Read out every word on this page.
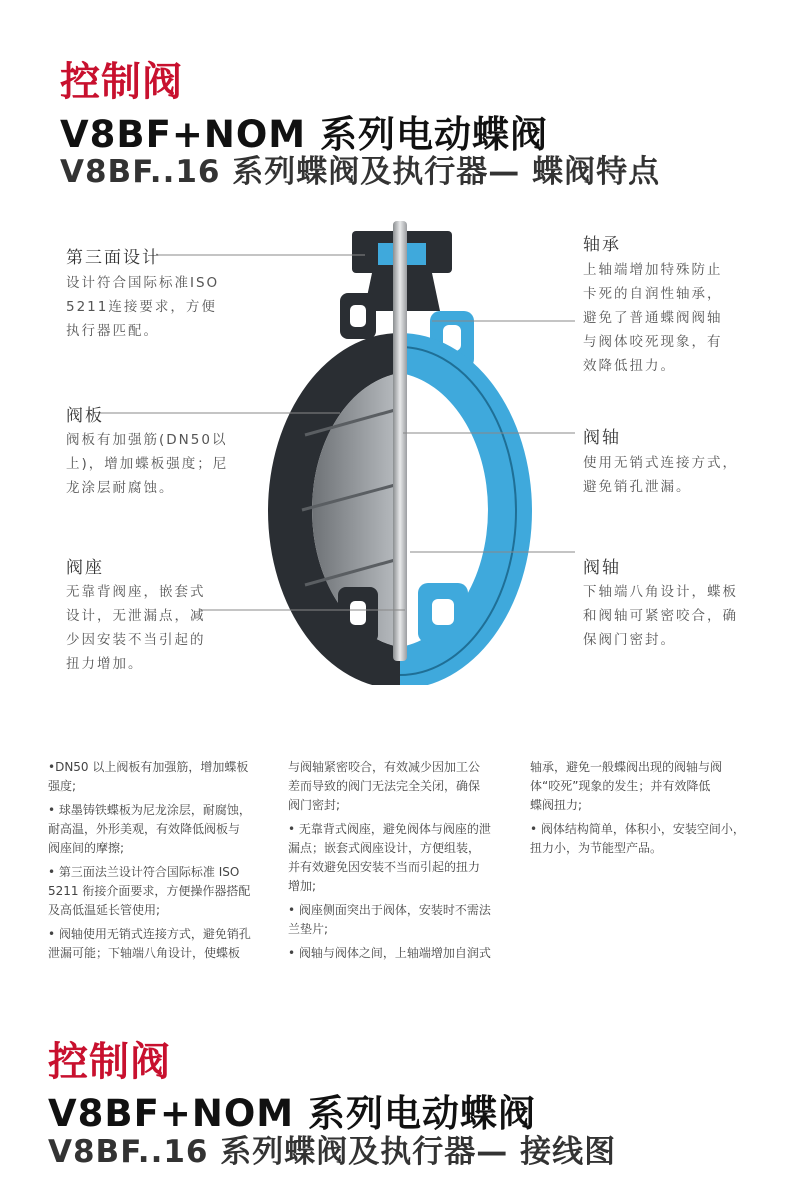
控制阀
V8BF+NOM 系列电动蝶阀
V8BF..16 系列蝶阀及执行器— 蝶阀特点
第三面设计

设计符合国际标准ISO

5211连接要求，方便

执行器匹配。

阀板

阀板有加强筋(DN50以

上)，增加蝶板强度；尼

龙涂层耐腐蚀。

阀座

无靠背阀座，嵌套式

设计，无泄漏点，减

少因安装不当引起的

扭力增加。

轴承

上轴端增加特殊防止

卡死的自润性轴承，

避免了普通蝶阀阀轴

与阀体咬死现象，有

效降低扭力。

阀轴

使用无销式连接方式，

避免销孔泄漏。

阀轴

下轴端八角设计，蝶板

和阀轴可紧密咬合，确

保阀门密封。

•DN50 以上阀板有加强筋，增加蝶板

强度;

• 球墨铸铁蝶板为尼龙涂层，耐腐蚀，

耐高温，外形美观，有效降低阀板与

阀座间的摩擦;

• 第三面法兰设计符合国际标准 ISO

5211 衔接介面要求，方便操作器搭配

及高低温延长管使用;

• 阀轴使用无销式连接方式，避免销孔

泄漏可能；下轴端八角设计，使蝶板

与阀轴紧密咬合，有效减少因加工公

差而导致的阀门无法完全关闭，确保

阀门密封;

• 无靠背式阀座，避免阀体与阀座的泄

漏点；嵌套式阀座设计，方便组装，

并有效避免因安装不当而引起的扭力

增加;

• 阀座侧面突出于阀体，安装时不需法

兰垫片;

• 阀轴与阀体之间，上轴端增加自润式

轴承，避免一般蝶阀出现的阀轴与阀

体“咬死”现象的发生；并有效降低

蝶阀扭力;

• 阀体结构简单，体积小，安装空间小，

扭力小，为节能型产品。

控制阀
V8BF+NOM 系列电动蝶阀
V8BF..16 系列蝶阀及执行器— 接线图
